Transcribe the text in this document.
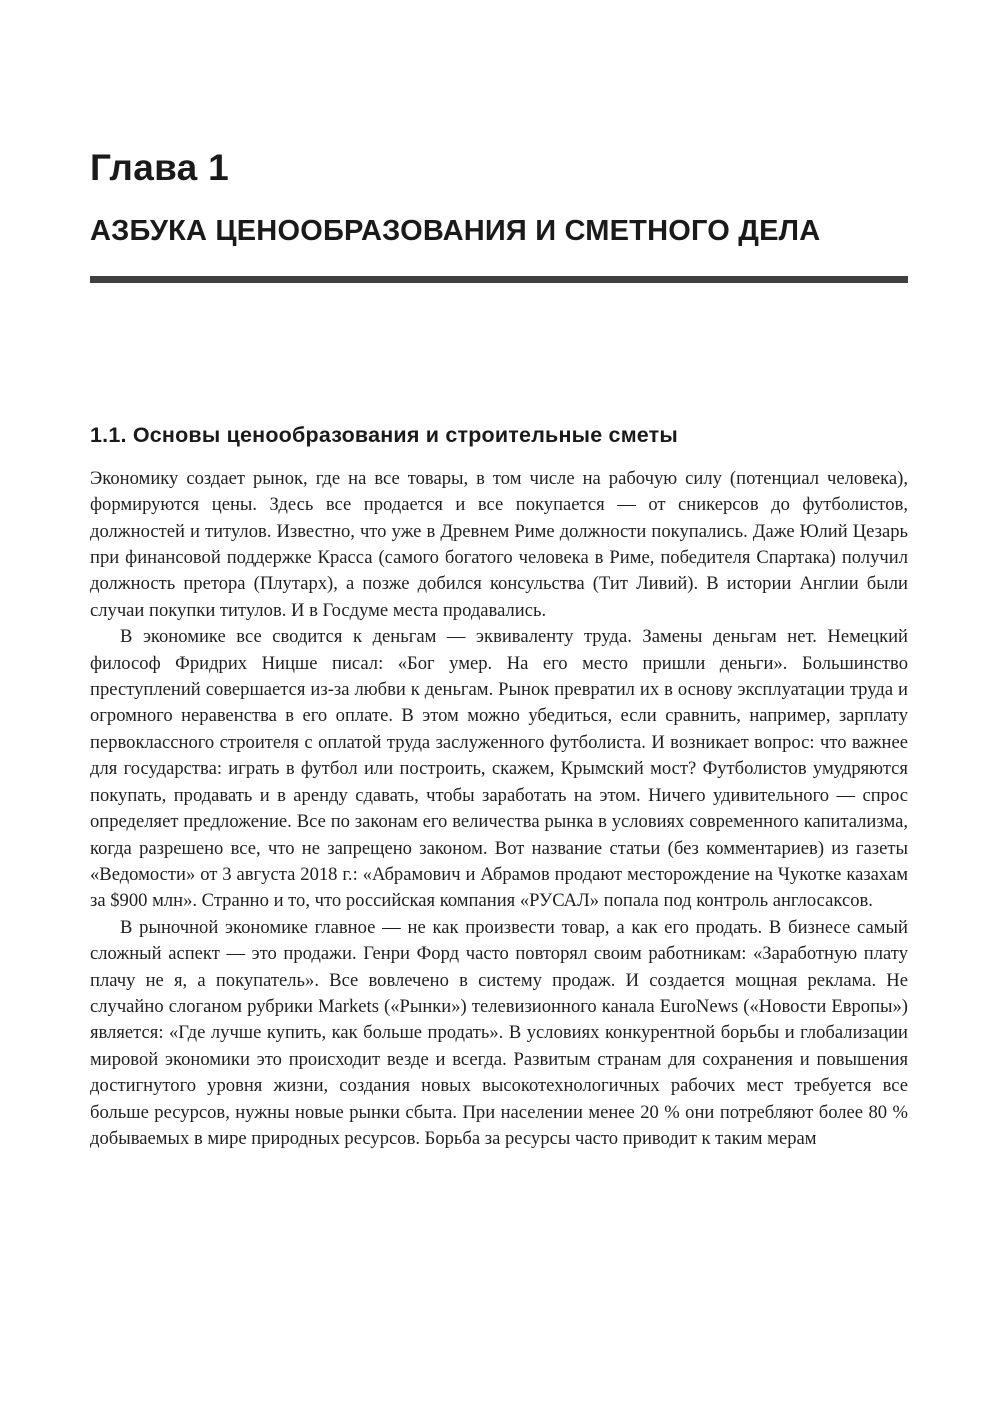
Глава 1
АЗБУКА ЦЕНООБРАЗОВАНИЯ И СМЕТНОГО ДЕЛА
1.1. Основы ценообразования и строительные сметы

Экономику создает рынок, где на все товары, в том числе на рабочую силу (потенциал человека), формируются цены. Здесь все продается и все покупается — от сникерсов до футболистов, должностей и титулов. Известно, что уже в Древнем Риме должности покупались. Даже Юлий Цезарь при финансовой поддержке Красса (самого богатого человека в Риме, победителя Спартака) получил должность претора (Плутарх), а позже добился консульства (Тит Ливий). В истории Англии были случаи покупки титулов. И в Госдуме места продавались.

В экономике все сводится к деньгам — эквиваленту труда. Замены деньгам нет. Немецкий философ Фридрих Ницше писал: «Бог умер. На его место пришли деньги». Большинство преступлений совершается из-за любви к деньгам. Рынок превратил их в основу эксплуатации труда и огромного неравенства в его оплате. В этом можно убедиться, если сравнить, например, зарплату первоклассного строителя с оплатой труда заслуженного футболиста. И возникает вопрос: что важнее для государства: играть в футбол или построить, скажем, Крымский мост? Футболистов умудряются покупать, продавать и в аренду сдавать, чтобы заработать на этом. Ничего удивительного — спрос определяет предложение. Все по законам его величества рынка в условиях современного капитализма, когда разрешено все, что не запрещено законом. Вот название статьи (без комментариев) из газеты «Ведомости» от 3 августа 2018 г.: «Абрамович и Абрамов продают месторождение на Чукотке казахам за $900 млн». Странно и то, что российская компания «РУСАЛ» попала под контроль англосаксов.

В рыночной экономике главное — не как произвести товар, а как его продать. В бизнесе самый сложный аспект — это продажи. Генри Форд часто повторял своим работникам: «Заработную плату плачу не я, а покупатель». Все вовлечено в систему продаж. И создается мощная реклама. Не случайно слоганом рубрики Markets («Рынки») телевизионного канала EuroNews («Новости Европы») является: «Где лучше купить, как больше продать». В условиях конкурентной борьбы и глобализации мировой экономики это происходит везде и всегда. Развитым странам для сохранения и повышения достигнутого уровня жизни, создания новых высокотехнологичных рабочих мест требуется все больше ресурсов, нужны новые рынки сбыта. При населении менее 20 % они потребляют более 80 % добываемых в мире природных ресурсов. Борьба за ресурсы часто приводит к таким мерам
